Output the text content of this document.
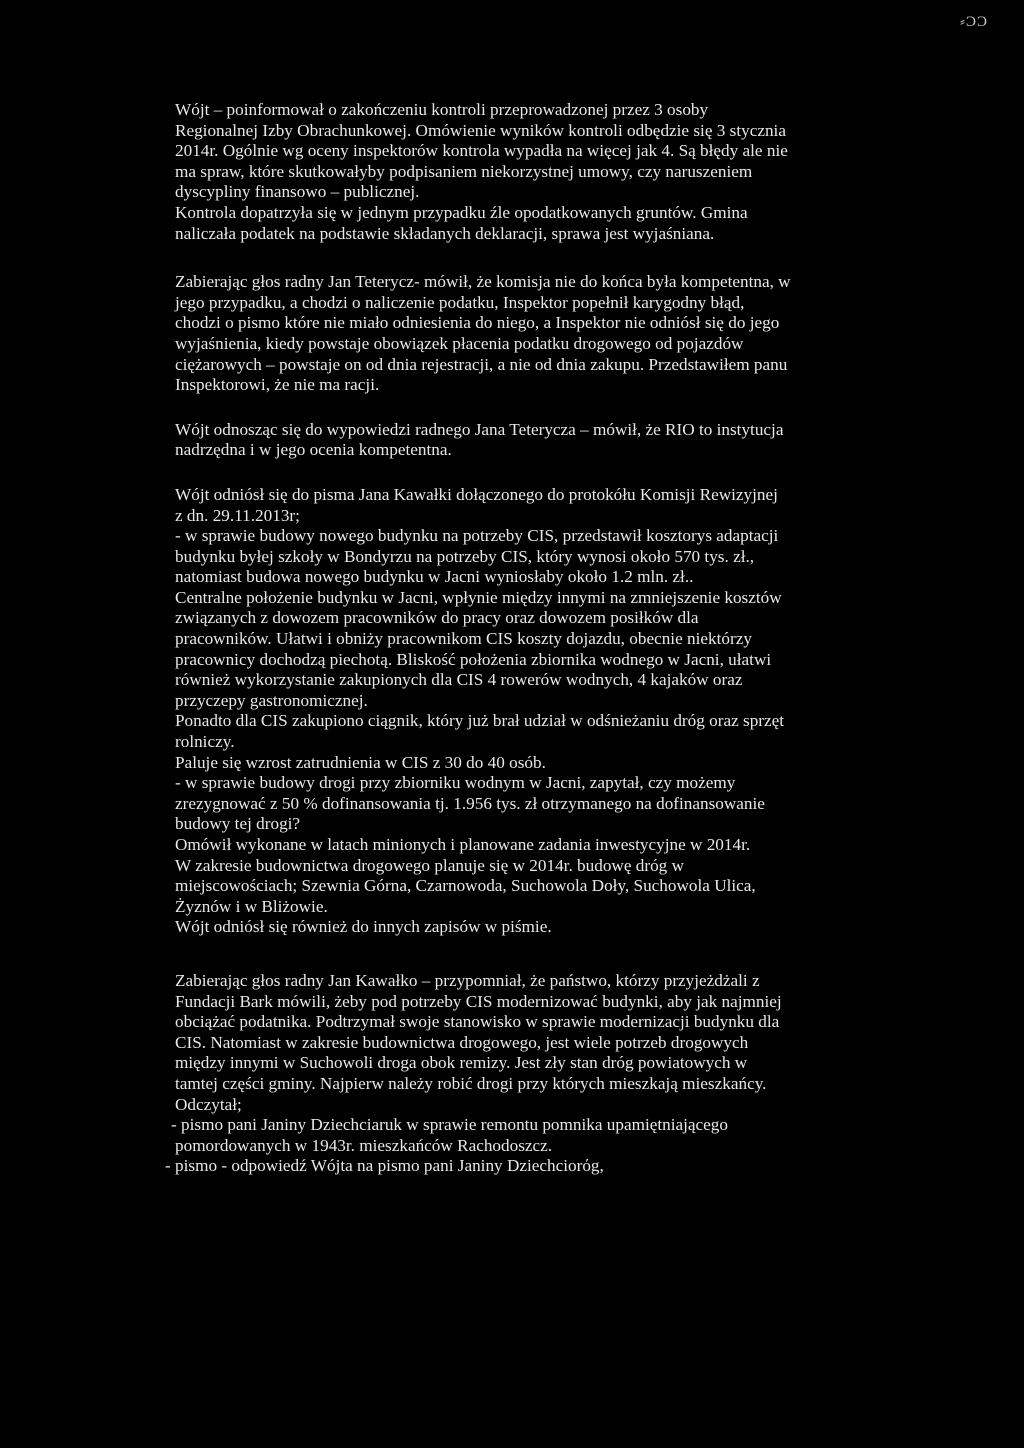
⸗ϽϽ
Wójt – poinformował o zakończeniu kontroli przeprowadzonej przez 3 osoby
Regionalnej Izby Obrachunkowej. Omówienie wyników kontroli odbędzie się 3 stycznia
2014r. Ogólnie wg oceny inspektorów kontrola wypadła na więcej jak 4. Są błędy ale nie
ma spraw, które skutkowałyby podpisaniem niekorzystnej umowy, czy naruszeniem
dyscypliny finansowo – publicznej.
Kontrola dopatrzyła się w jednym przypadku źle opodatkowanych gruntów. Gmina
naliczała podatek na podstawie składanych deklaracji, sprawa jest wyjaśniana.
Zabierając głos radny Jan Teterycz- mówił, że komisja nie do końca była kompetentna, w
jego przypadku, a chodzi o naliczenie podatku, Inspektor popełnił karygodny błąd,
chodzi o pismo które nie miało odniesienia do niego, a Inspektor nie odniósł się do jego
wyjaśnienia, kiedy powstaje obowiązek płacenia podatku drogowego od pojazdów
ciężarowych – powstaje on od dnia rejestracji, a nie od dnia zakupu. Przedstawiłem panu
Inspektorowi, że nie ma racji.
Wójt odnosząc się do wypowiedzi radnego Jana Teterycza – mówił, że RIO to instytucja
nadrzędna i w jego ocenia kompetentna.
Wójt odniósł się do pisma Jana Kawałki dołączonego do protokółu Komisji Rewizyjnej
z dn. 29.11.2013r;
- w sprawie budowy nowego budynku na potrzeby CIS, przedstawił kosztorys adaptacji
budynku byłej szkoły w Bondyrzu na potrzeby CIS, który wynosi około 570 tys. zł.,
natomiast budowa nowego budynku w Jacni wyniosłaby około 1.2 mln. zł..
Centralne położenie budynku w Jacni, wpłynie między innymi na zmniejszenie kosztów
związanych z dowozem pracowników do pracy oraz dowozem posiłków dla
pracowników. Ułatwi i obniży pracownikom CIS koszty dojazdu, obecnie niektórzy
pracownicy dochodzą piechotą. Bliskość położenia zbiornika wodnego w Jacni, ułatwi
również wykorzystanie zakupionych dla CIS 4 rowerów wodnych, 4 kajaków oraz
przyczepy gastronomicznej.
Ponadto dla CIS zakupiono ciągnik, który już brał udział w odśnieżaniu dróg oraz sprzęt
rolniczy.
Paluje się wzrost zatrudnienia w CIS z 30 do 40 osób.
- w sprawie budowy drogi przy zbiorniku wodnym w Jacni, zapytał, czy możemy
zrezygnować z 50 % dofinansowania tj. 1.956 tys. zł otrzymanego na dofinansowanie
budowy tej drogi?
Omówił wykonane w latach minionych i planowane zadania inwestycyjne w 2014r.
W zakresie budownictwa drogowego planuje się w 2014r. budowę dróg w
miejscowościach; Szewnia Górna, Czarnowoda, Suchowola Doły, Suchowola Ulica,
Żyznów i w Bliżowie.
Wójt odniósł się również do innych zapisów w piśmie.
Zabierając głos radny Jan Kawałko – przypomniał, że państwo, którzy przyjeżdżali z
Fundacji Bark mówili, żeby pod potrzeby CIS modernizować budynki, aby jak najmniej
obciążać podatnika. Podtrzymał swoje stanowisko w sprawie modernizacji budynku dla
CIS. Natomiast w zakresie budownictwa drogowego, jest wiele potrzeb drogowych
między innymi w Suchowoli droga obok remizy. Jest zły stan dróg powiatowych w
tamtej części gminy. Najpierw należy robić drogi przy których mieszkają mieszkańcy.
Odczytał;
- pismo pani Janiny Dziechciaruk w sprawie remontu pomnika upamiętniającego
pomordowanych w 1943r. mieszkańców Rachodoszcz.
- pismo - odpowiedź Wójta na pismo pani Janiny Dziechciorόg,
